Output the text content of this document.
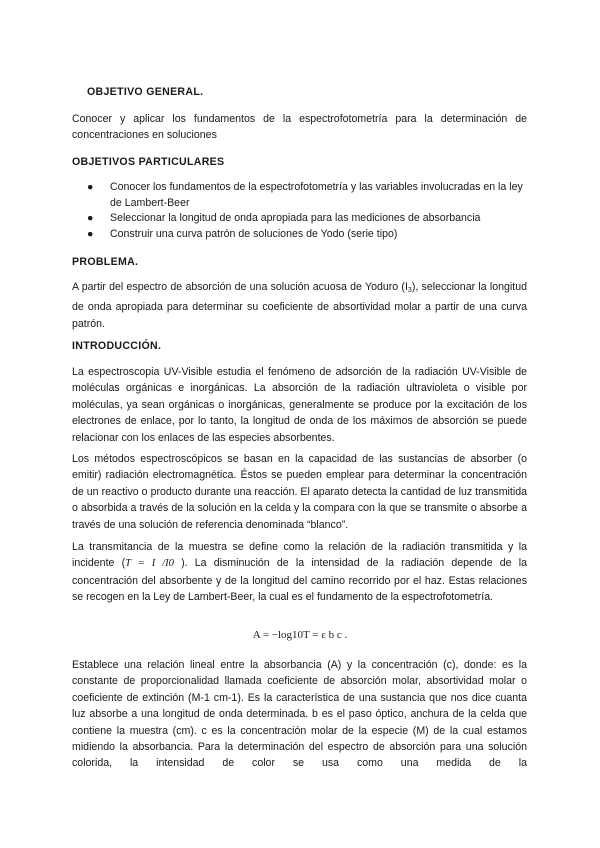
OBJETIVO GENERAL.
Conocer y aplicar los fundamentos de la espectrofotometría para la determinación de concentraciones en soluciones
OBJETIVOS PARTICULARES
● Conocer los fundamentos de la espectrofotometría y las variables involucradas en la ley de Lambert-Beer
● Seleccionar la longitud de onda apropiada para las mediciones de absorbancia
● Construir una curva patrón de soluciones de Yodo (serie tipo)
PROBLEMA.
A partir del espectro de absorción de una solución acuosa de Yoduro $(I_3)$, seleccionar la longitud de onda apropiada para determinar su coeficiente de absortividad molar a partir de una curva patrón.
INTRODUCCIÓN.
La espectroscopia UV-Visible estudia el fenómeno de adsorción de la radiación UV-Visible de moléculas orgánicas e inorgánicas. La absorción de la radiación ultravioleta o visible por moléculas, ya sean orgánicas o inorgánicas, generalmente se produce por la excitación de los electrones de enlace, por lo tanto, la longitud de onda de los máximos de absorción se puede relacionar con los enlaces de las especies absorbentes.
Los métodos espectroscópicos se basan en la capacidad de las sustancias de absorber (o emitir) radiación electromagnética. Éstos se pueden emplear para determinar la concentración de un reactivo o producto durante una reacción. El aparato detecta la cantidad de luz transmitida o absorbida a través de la solución en la celda y la compara con la que se transmite o absorbe a través de una solución de referencia denominada “blanco”.
La transmitancia de la muestra se define como la relación de la radiación transmitida y la incidente (T = I /I0 ). La disminución de la intensidad de la radiación depende de la concentración del absorbente y de la longitud del camino recorrido por el haz. Estas relaciones se recogen en la Ley de Lambert-Beer, la cual es el fundamento de la espectrofotometría.
A = −log10T = ε b c .
Establece una relación lineal entre la absorbancia (A) y la concentración (c), donde: es la constante de proporcionalidad llamada coeficiente de absorción molar, absortividad molar o coeficiente de extinción (M-1 cm-1). Es la característica de una sustancia que nos dice cuanta luz absorbe a una longitud de onda determinada. b es el paso óptico, anchura de la celda que contiene la muestra (cm). c es la concentración molar de la especie (M) de la cual estamos midiendo la absorbancia. Para la determinación del espectro de absorción para una solución colorida, la intensidad de color se usa como una medida de la
